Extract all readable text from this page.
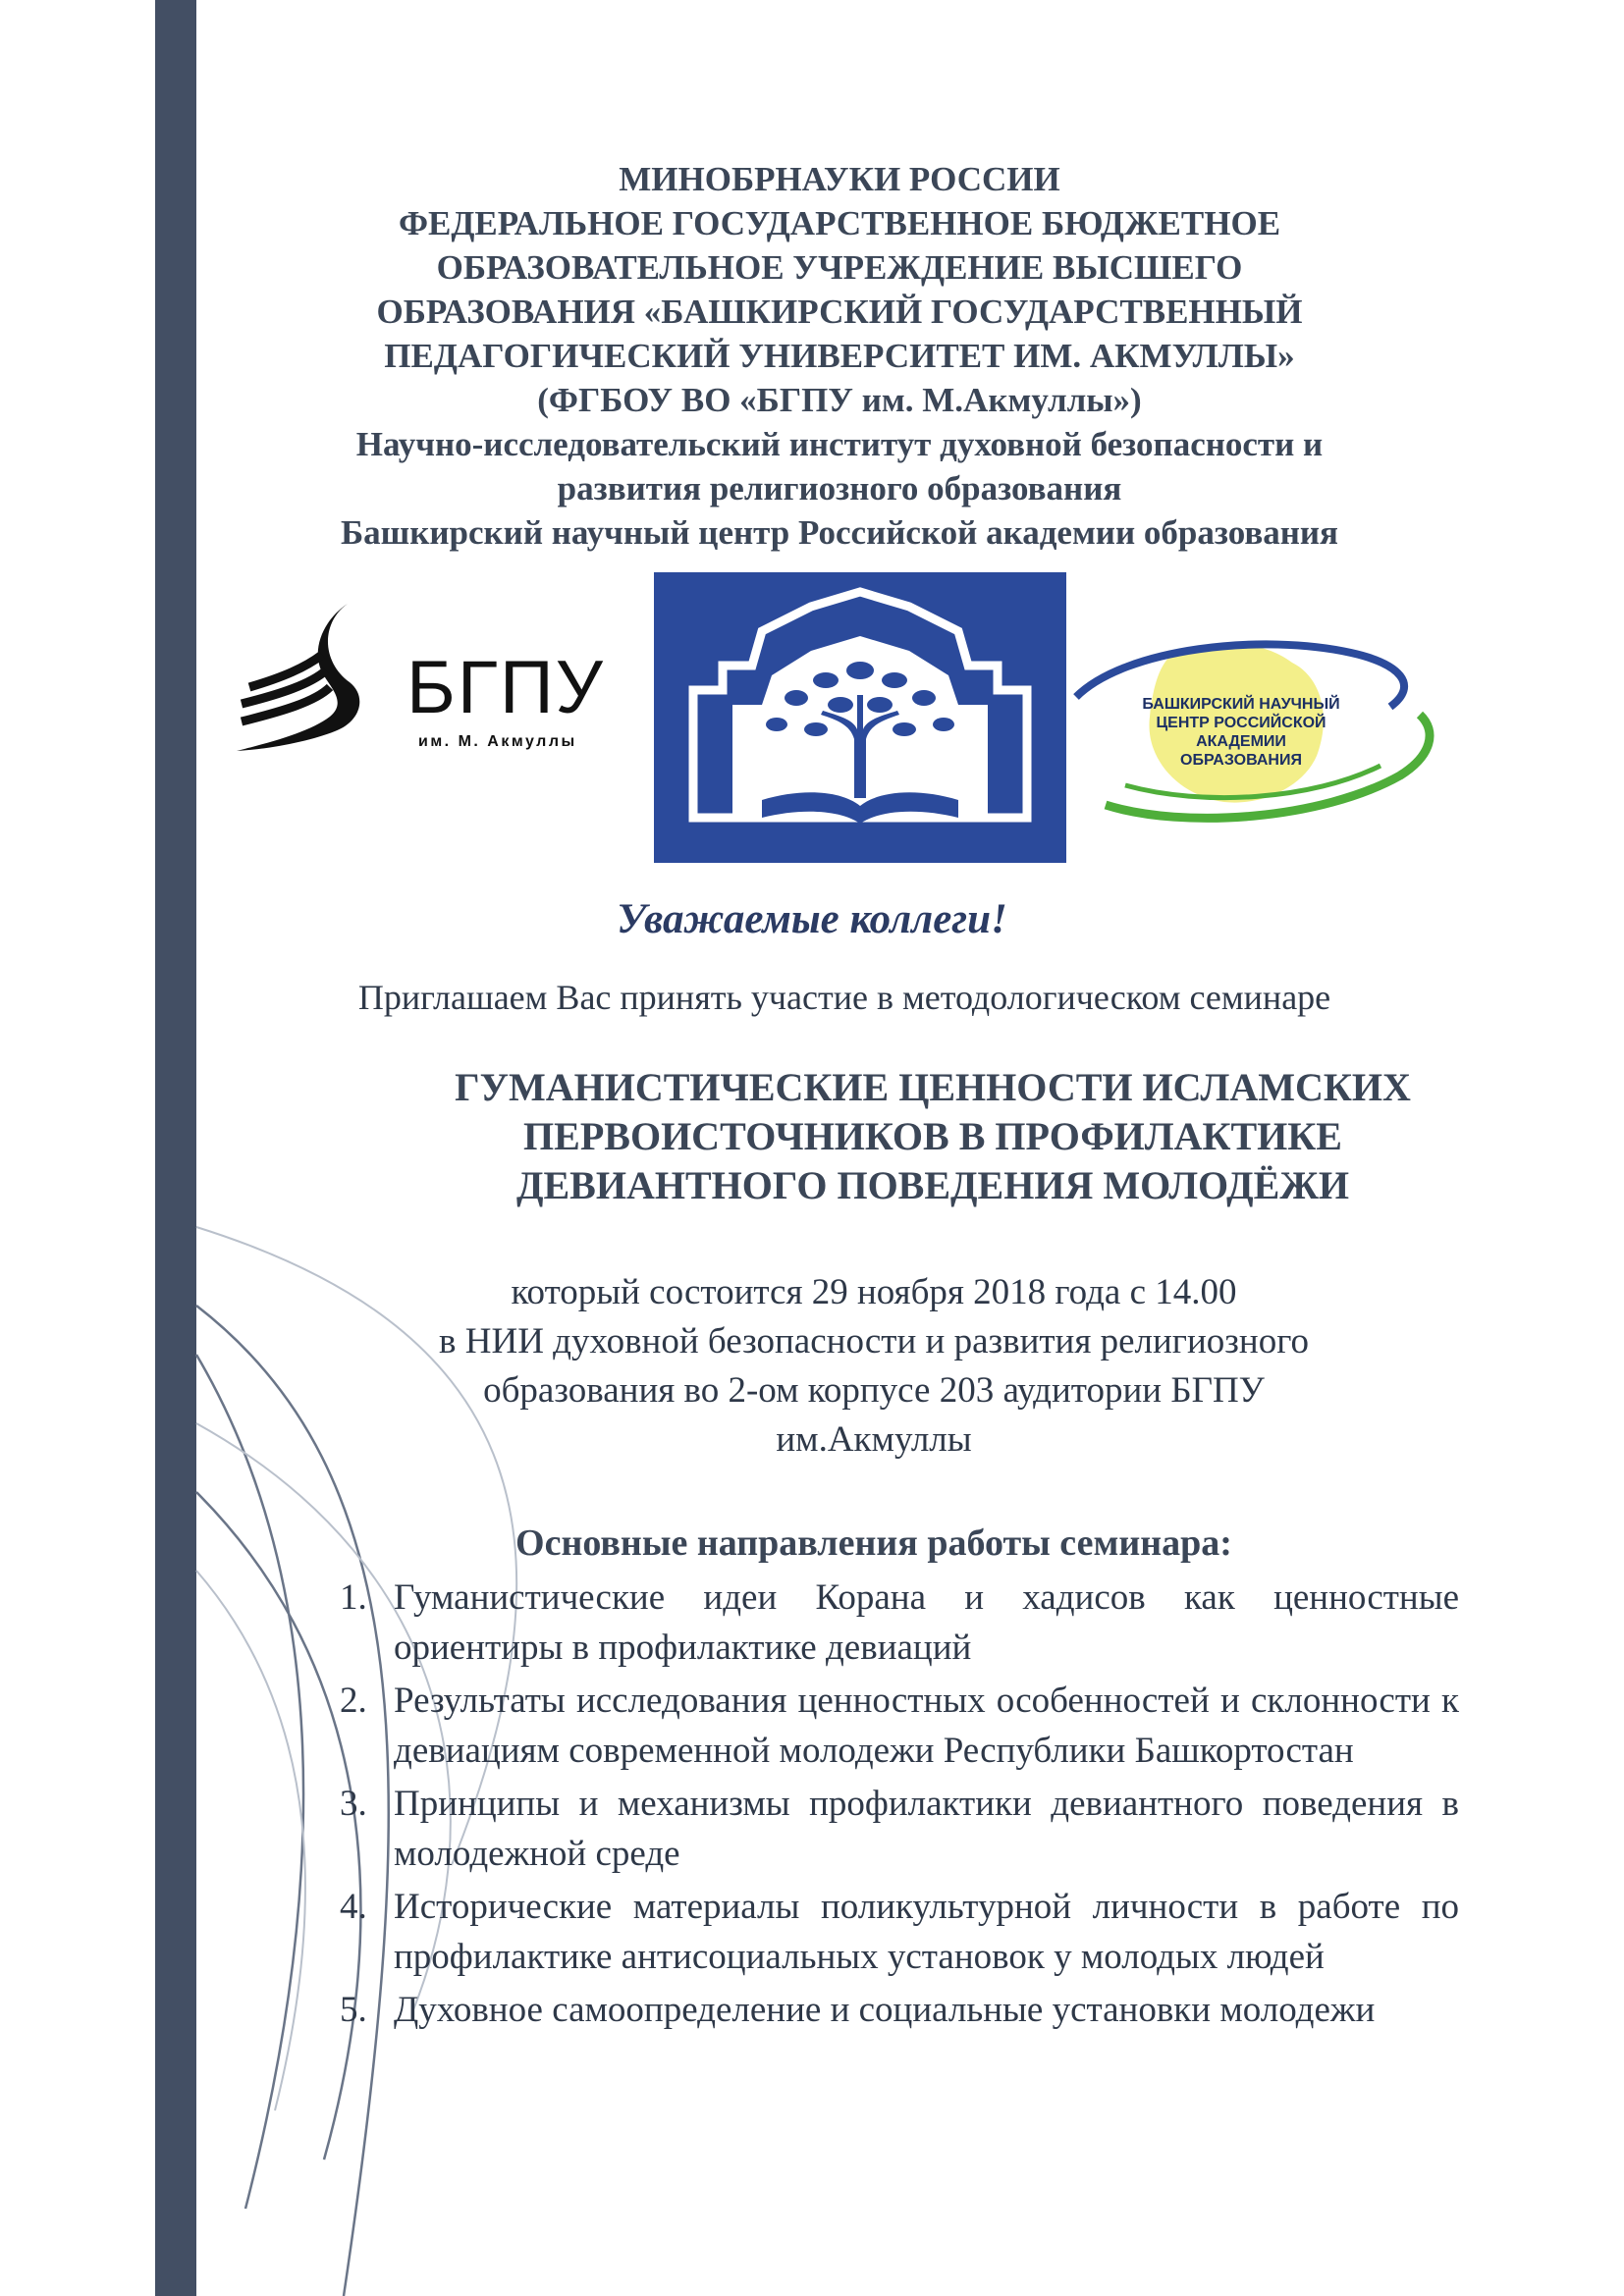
МИНОБРНАУКИ РОССИИ
ФЕДЕРАЛЬНОЕ ГОСУДАРСТВЕННОЕ БЮДЖЕТНОЕ
ОБРАЗОВАТЕЛЬНОЕ УЧРЕЖДЕНИЕ ВЫСШЕГО
ОБРАЗОВАНИЯ «БАШКИРСКИЙ ГОСУДАРСТВЕННЫЙ
ПЕДАГОГИЧЕСКИЙ УНИВЕРСИТЕТ ИМ. АКМУЛЛЫ»
(ФГБОУ ВО «БГПУ им. М.Акмуллы»)
Научно-исследовательский институт духовной безопасности и
развития религиозного образования
Башкирский научный центр Российской академии образования
БГПУ
им. М. Акмуллы
БАШКИРСКИЙ НАУЧНЫЙ
ЦЕНТР РОССИЙСКОЙ
АКАДЕМИИ
ОБРАЗОВАНИЯ
Уважаемые коллеги!
Приглашаем Вас принять участие в методологическом семинаре
ГУМАНИСТИЧЕСКИЕ ЦЕННОСТИ ИСЛАМСКИХ
ПЕРВОИСТОЧНИКОВ В ПРОФИЛАКТИКЕ
ДЕВИАНТНОГО ПОВЕДЕНИЯ МОЛОДЁЖИ
который состоится 29 ноября 2018 года с 14.00
в НИИ духовной безопасности и развития религиозного
образования во 2-ом корпусе 203 аудитории БГПУ
им.Акмуллы
Основные направления работы семинара:
1. Гуманистические идеи Корана и хадисов как ценностные ориентиры в профилактике девиаций
2. Результаты исследования ценностных особенностей и склонности к девиациям современной молодежи Республики Башкортостан
3. Принципы и механизмы профилактики девиантного поведения в молодежной среде
4. Исторические материалы поликультурной личности в работе по профилактике антисоциальных установок у молодых людей
5. Духовное самоопределение и социальные установки молодежи
